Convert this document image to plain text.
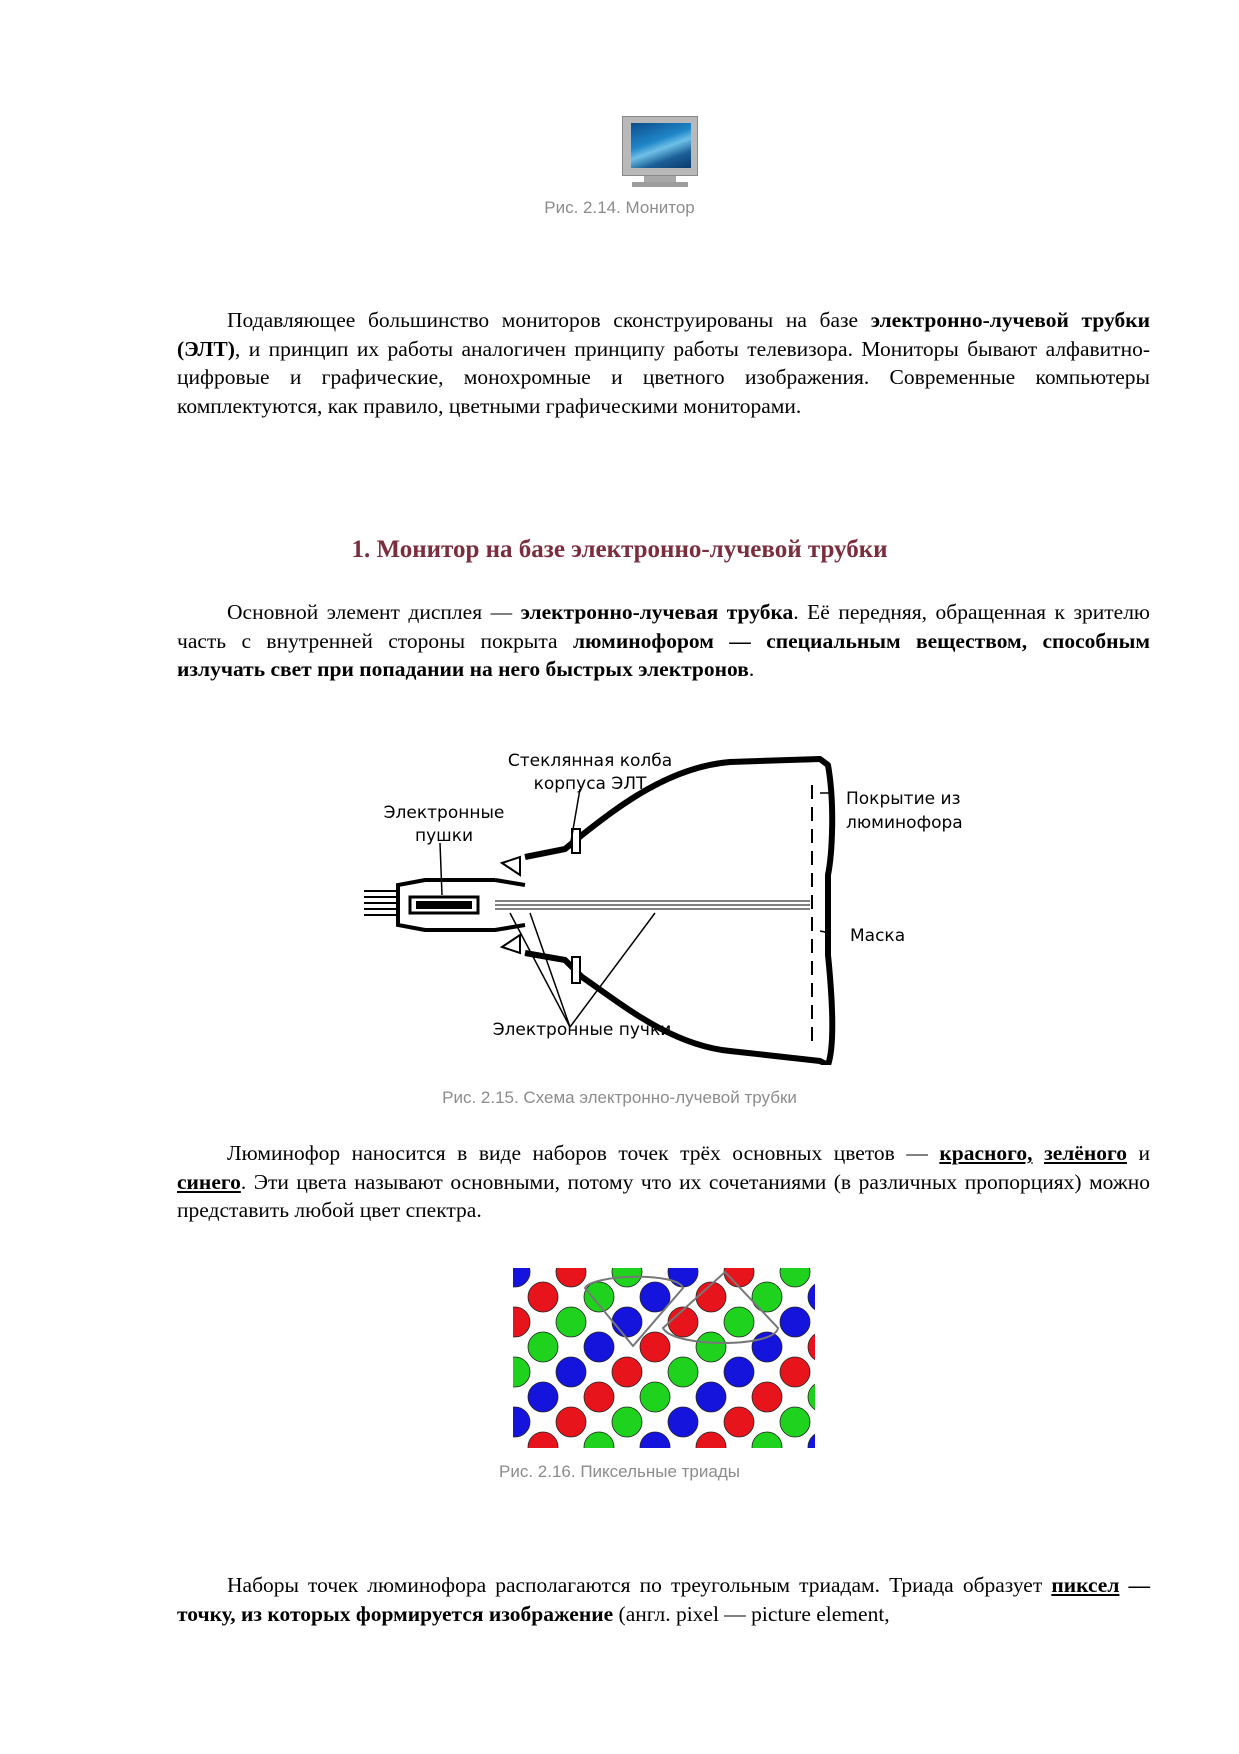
Рис. 2.14. Монитор

Подавляющее большинство мониторов сконструированы на базе электронно-лучевой трубки (ЭЛТ), и принцип их работы аналогичен принципу работы телевизора. Мониторы бывают алфавитно-цифровые и графические, монохромные и цветного изображения. Современные компьютеры комплектуются, как правило, цветными графическими мониторами.

1. Монитор на базе электронно-лучевой трубки

Основной элемент дисплея — электронно-лучевая трубка. Её передняя, обращенная к зрителю часть с внутренней стороны покрыта люминофором — специальным веществом, способным излучать свет при попадании на него быстрых электронов.

Стеклянная колба
корпуса ЭЛТ
Электронные
пушки
Покрытие из
люминофора
Маска
Электронные пучки
Рис. 2.15. Схема электронно-лучевой трубки

Люминофор наносится в виде наборов точек трёх основных цветов — красного, зелёного и синего. Эти цвета называют основными, потому что их сочетаниями (в различных пропорциях) можно представить любой цвет спектра.

Рис. 2.16. Пиксельные триады

Наборы точек люминофора располагаются по треугольным триадам. Триада образует пиксел — точку, из которых формируется изображение (англ. pixel — picture element,
